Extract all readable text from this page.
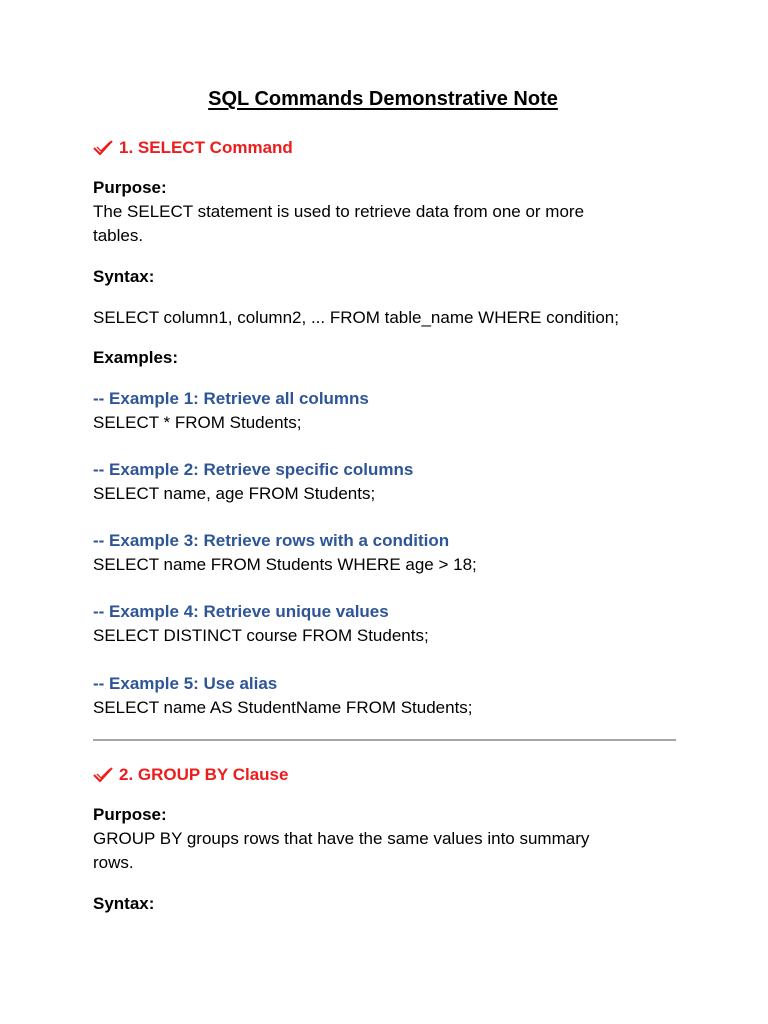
SQL Commands Demonstrative Note
1. SELECT Command
Purpose:
The SELECT statement is used to retrieve data from one or more
tables.
Syntax:
SELECT column1, column2, ... FROM table_name WHERE condition;
Examples:
-- Example 1: Retrieve all columns
SELECT * FROM Students;
-- Example 2: Retrieve specific columns
SELECT name, age FROM Students;
-- Example 3: Retrieve rows with a condition
SELECT name FROM Students WHERE age > 18;
-- Example 4: Retrieve unique values
SELECT DISTINCT course FROM Students;
-- Example 5: Use alias
SELECT name AS StudentName FROM Students;
2. GROUP BY Clause
Purpose:
GROUP BY groups rows that have the same values into summary
rows.
Syntax:
